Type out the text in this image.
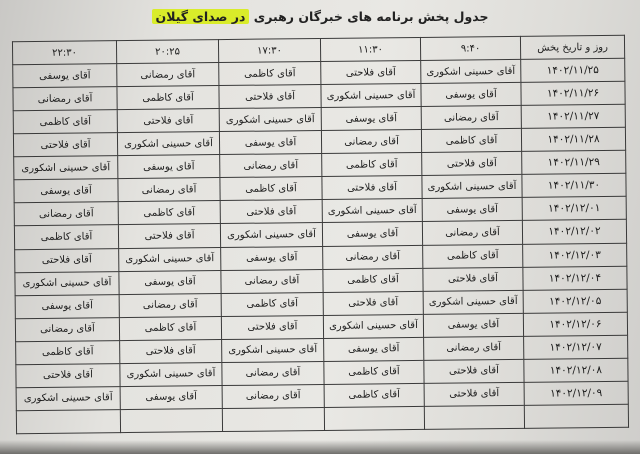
جدول پخش برنامه های خبرگان رهبری در صدای گیلان
روز و تاریخ پخش	۹:۴۰	۱۱:۳۰	۱۷:۳۰	۲۰:۲۵	۲۲:۳۰
۱۴۰۲/۱۱/۲۵	آقای حسینی اشکوری	آقای فلاحتی	آقای کاظمی	آقای رمضانی	آقای یوسفی
۱۴۰۲/۱۱/۲۶	آقای یوسفی	آقای حسینی اشکوری	آقای فلاحتی	آقای کاظمی	آقای رمضانی
۱۴۰۲/۱۱/۲۷	آقای رمضانی	آقای یوسفی	آقای حسینی اشکوری	آقای فلاحتی	آقای کاظمی
۱۴۰۲/۱۱/۲۸	آقای کاظمی	آقای رمضانی	آقای یوسفی	آقای حسینی اشکوری	آقای فلاحتی
۱۴۰۲/۱۱/۲۹	آقای فلاحتی	آقای کاظمی	آقای رمضانی	آقای یوسفی	آقای حسینی اشکوری
۱۴۰۲/۱۱/۳۰	آقای حسینی اشکوری	آقای فلاحتی	آقای کاظمی	آقای رمضانی	آقای یوسفی
۱۴۰۲/۱۲/۰۱	آقای یوسفی	آقای حسینی اشکوری	آقای فلاحتی	آقای کاظمی	آقای رمضانی
۱۴۰۲/۱۲/۰۲	آقای رمضانی	آقای یوسفی	آقای حسینی اشکوری	آقای فلاحتی	آقای کاظمی
۱۴۰۲/۱۲/۰۳	آقای کاظمی	آقای رمضانی	آقای یوسفی	آقای حسینی اشکوری	آقای فلاحتی
۱۴۰۲/۱۲/۰۴	آقای فلاحتی	آقای کاظمی	آقای رمضانی	آقای یوسفی	آقای حسینی اشکوری
۱۴۰۲/۱۲/۰۵	آقای حسینی اشکوری	آقای فلاحتی	آقای کاظمی	آقای رمضانی	آقای یوسفی
۱۴۰۲/۱۲/۰۶	آقای یوسفی	آقای حسینی اشکوری	آقای فلاحتی	آقای کاظمی	آقای رمضانی
۱۴۰۲/۱۲/۰۷	آقای رمضانی	آقای یوسفی	آقای حسینی اشکوری	آقای فلاحتی	آقای کاظمی
۱۴۰۲/۱۲/۰۸	آقای فلاحتی	آقای کاظمی	آقای رمضانی	آقای حسینی اشکوری	آقای فلاحتی
۱۴۰۲/۱۲/۰۹	آقای فلاحتی	آقای کاظمی	آقای رمضانی	آقای یوسفی	آقای حسینی اشکوری
